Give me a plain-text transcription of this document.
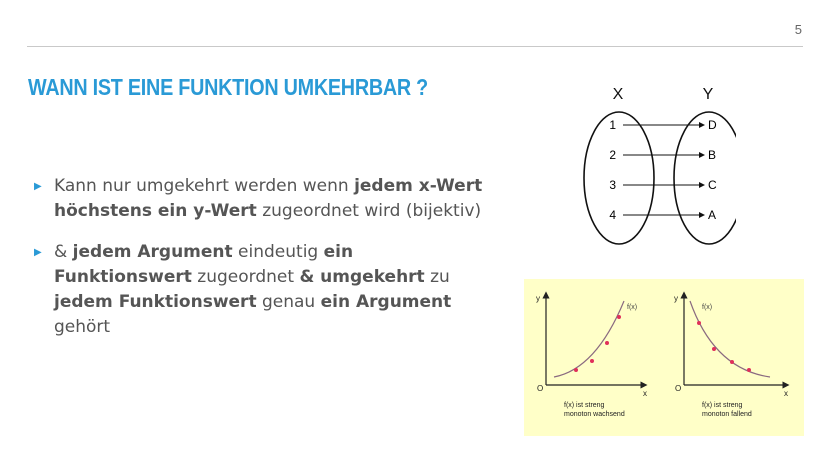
5
WANN IST EINE FUNKTION UMKEHRBAR ?
▶ Kann nur umgekehrt werden wenn jedem x-Wert höchstens ein y-Wert zugeordnet wird (bijektiv)
▶ & jedem Argument eindeutig ein Funktionswert zugeordnet & umgekehrt zu jedem Funktionswert genau ein Argument gehört
X	Y
1	D
2	B
3	C
4	A
y
x
O
f(x)
f(x) ist streng
monoton wachsend
y
x
O
f(x)
f(x) ist streng
monoton fallend
